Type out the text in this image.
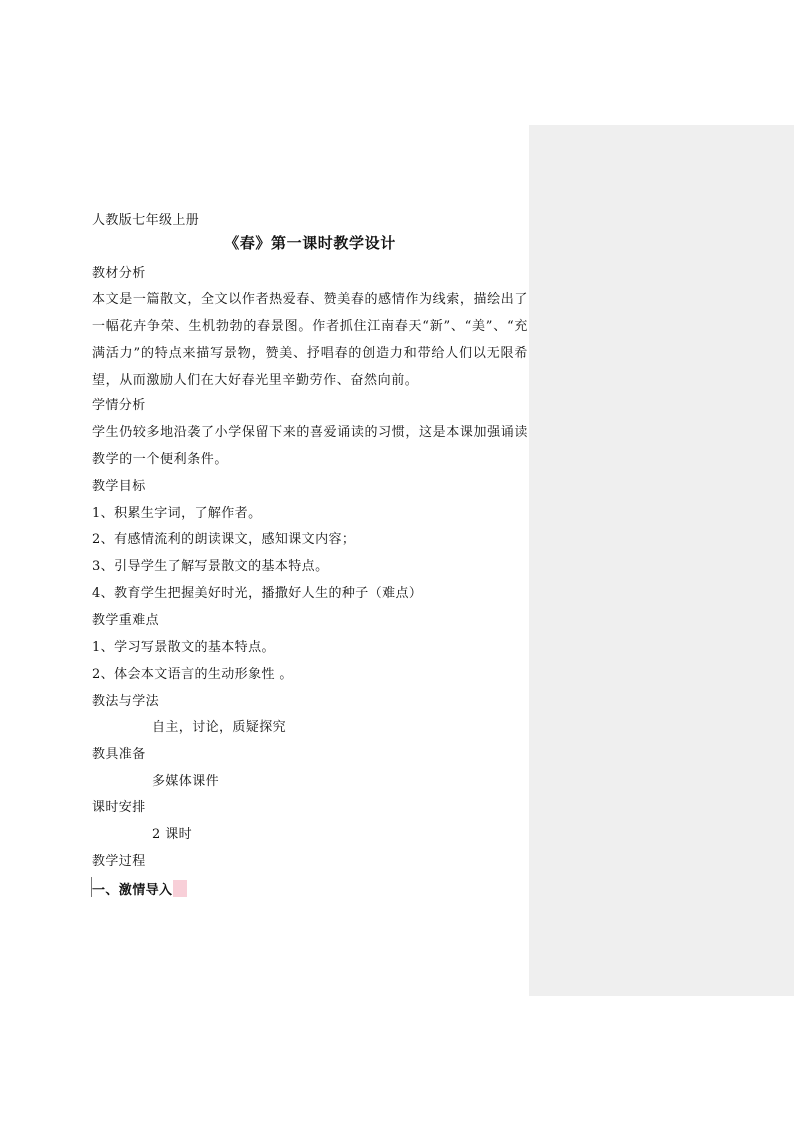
人教版七年级上册
《春》第一课时教学设计
教材分析
本文是一篇散文，全文以作者热爱春、赞美春的感情作为线索，描绘出了一幅花卉争荣、生机勃勃的春景图。作者抓住江南春天“新”、“美”、“充满活力”的特点来描写景物，赞美、抒唱春的创造力和带给人们以无限希望，从而激励人们在大好春光里辛勤劳作、奋然向前。
学情分析
学生仍较多地沿袭了小学保留下来的喜爱诵读的习惯，这是本课加强诵读教学的一个便利条件。
教学目标
1、积累生字词，了解作者。
2、有感情流利的朗读课文，感知课文内容；
3、引导学生了解写景散文的基本特点。
4、教育学生把握美好时光，播撒好人生的种子（难点）
教学重难点
1、学习写景散文的基本特点。
2、体会本文语言的生动形象性 。
教法与学法
自主，讨论，质疑探究
教具准备
多媒体课件
课时安排
2 课时
教学过程
一、激情导入
